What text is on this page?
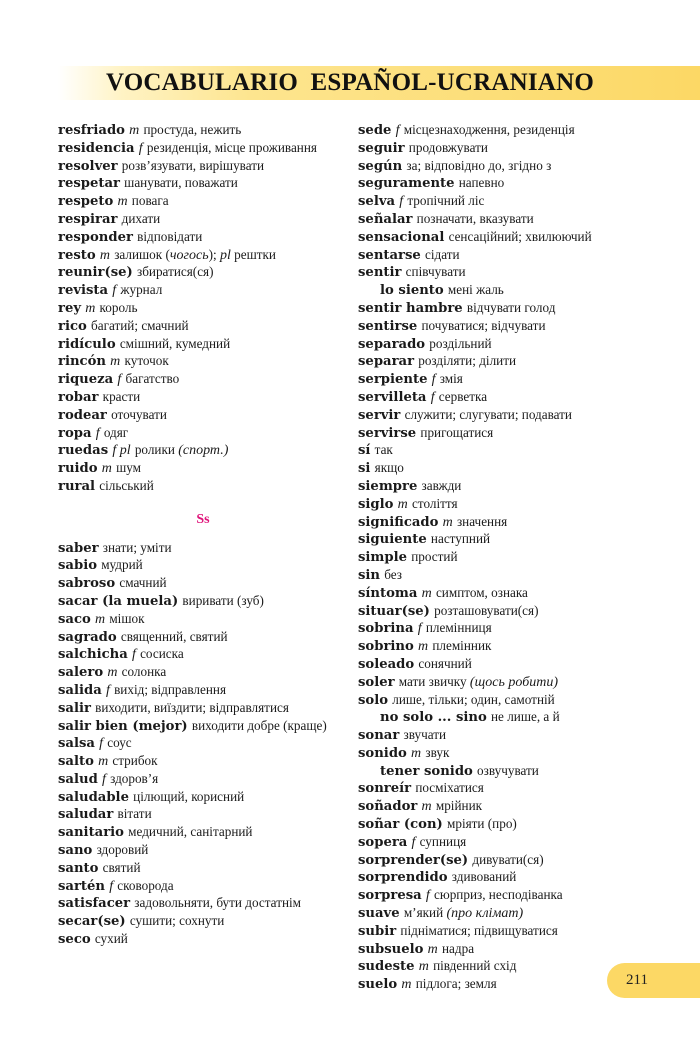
VOCABULARIO ESPAÑOL-UCRANIANO
resfriado m простуда, нежить
residencia f резиденція, місце проживання
resolver розв’язувати, вирішувати
respetar шанувати, поважати
respeto m повага
respirar дихати
responder відповідати
resto m залишок (чогось); pl рештки
reunir(se) збиратися(ся)
revista f журнал
rey m король
rico багатий; смачний
ridículo смішний, кумедний
rincón m куточок
riqueza f багатство
robar красти
rodear оточувати
ropa f одяг
ruedas f pl ролики (спорт.)
ruido m шум
rural сільський
Ss
saber знати; уміти
sabio мудрий
sabroso смачний
sacar (la muela) виривати (зуб)
saco m мішок
sagrado священний, святий
salchicha f сосиска
salero m солонка
salida f вихід; відправлення
salir виходити, виїздити; відправлятися
salir bien (mejor) виходити добре (краще)
salsa f соус
salto m стрибок
salud f здоров’я
saludable цілющий, корисний
saludar вітати
sanitario медичний, санітарний
sano здоровий
santo святий
sartén f сковорода
satisfacer задовольняти, бути достатнім
secar(se) сушити; сохнути
seco сухий
sede f місцезнаходження, резиденція
seguir продовжувати
según за; відповідно до, згідно з
seguramente напевно
selva f тропічний ліс
señalar позначати, вказувати
sensacional сенсаційний; хвилюючий
sentarse сідати
sentir співчувати
lo siento мені жаль
sentir hambre відчувати голод
sentirse почуватися; відчувати
separado роздільний
separar розділяти; ділити
serpiente f змія
servilleta f серветка
servir служити; слугувати; подавати
servirse пригощатися
sí так
si якщо
siempre завжди
siglo m століття
significado m значення
siguiente наступний
simple простий
sin без
síntoma m симптом, ознака
situar(se) розташовувати(ся)
sobrina f племінниця
sobrino m племінник
soleado сонячний
soler мати звичку (щось робити)
solo лише, тільки; один, самотній
no solo ... sino не лише, а й
sonar звучати
sonido m звук
tener sonido озвучувати
sonreír посміхатися
soñador m мрійник
soñar (con) мріяти (про)
sopera f супниця
sorprender(se) дивувати(ся)
sorprendido здивований
sorpresa f сюрприз, несподіванка
suave м’який (про клімат)
subir підніматися; підвищуватися
subsuelo m надра
sudeste m південний схід
suelo m підлога; земля	211
